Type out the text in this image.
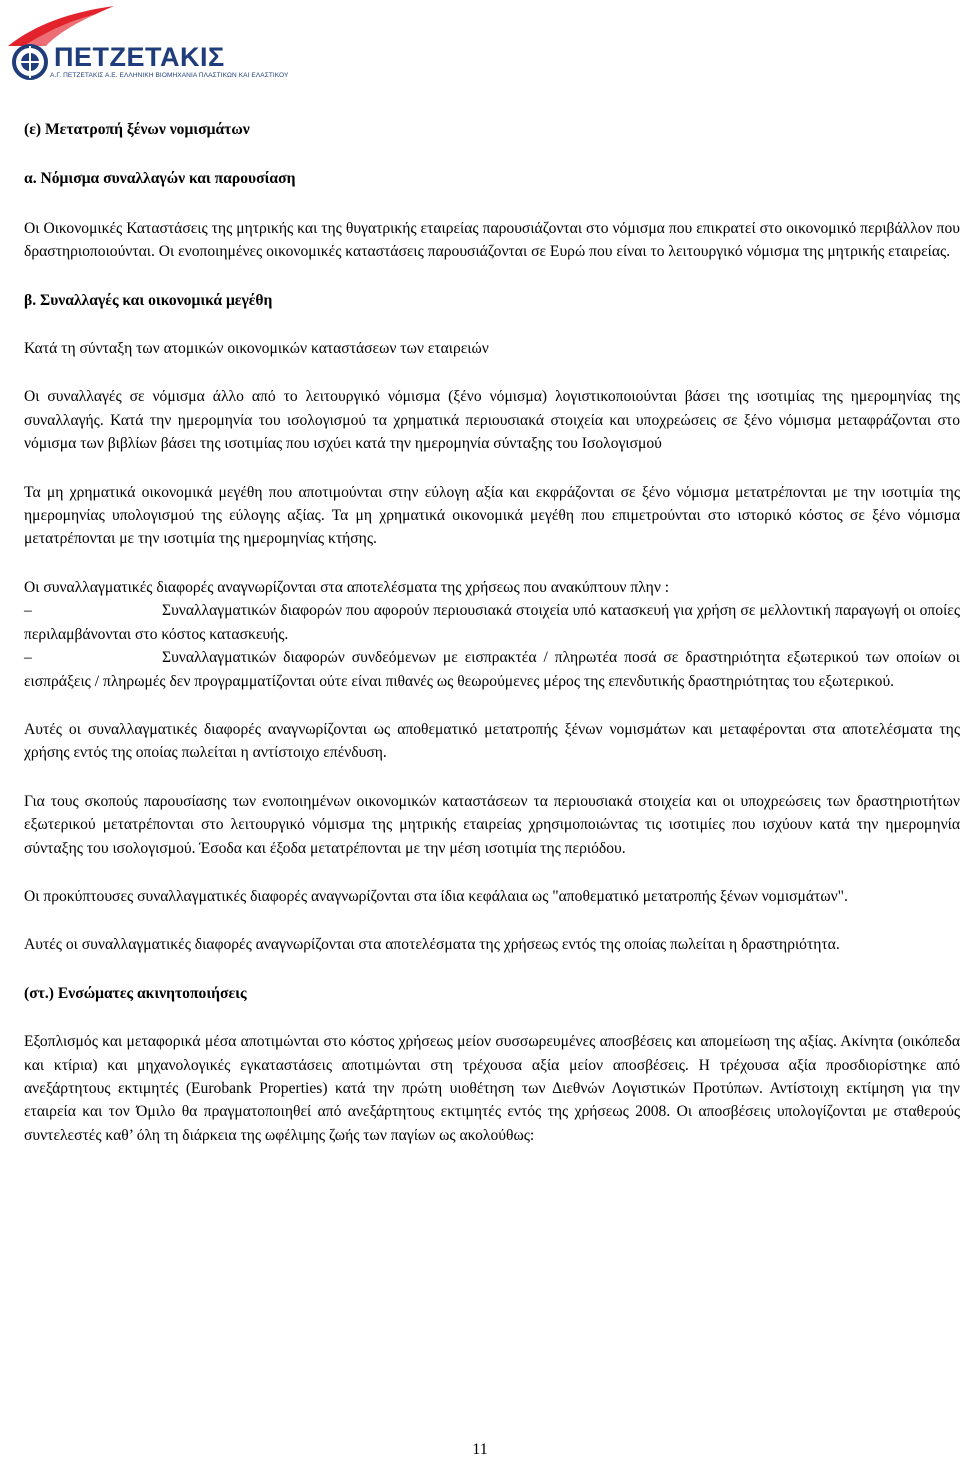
ΠΕΤΖΕΤΑΚΙΣ
Α.Γ. ΠΕΤΖΕΤΑΚΙΣ Α.Ε. ΕΛΛΗΝΙΚΗ ΒΙΟΜΗΧΑΝΙΑ ΠΛΑΣΤΙΚΩΝ ΚΑΙ ΕΛΑΣΤΙΚΟΥ
(ε) Μετατροπή ξένων νομισμάτων
α. Νόμισμα συναλλαγών και παρουσίαση

Οι Οικονομικές Καταστάσεις της μητρικής και της θυγατρικής εταιρείας παρουσιάζονται στο νόμισμα που επικρατεί στο οικονομικό περιβάλλον που δραστηριοποιούνται. Οι ενοποιημένες οικονομικές καταστάσεις παρουσιάζονται σε Ευρώ που είναι το λειτουργικό νόμισμα της μητρικής εταιρείας.

β. Συναλλαγές και οικονομικά μεγέθη

Κατά τη σύνταξη των ατομικών οικονομικών καταστάσεων των εταιρειών

Οι συναλλαγές σε νόμισμα άλλο από το λειτουργικό νόμισμα (ξένο νόμισμα) λογιστικοποιούνται βάσει της ισοτιμίας της ημερομηνίας της συναλλαγής. Κατά την ημερομηνία του ισολογισμού τα χρηματικά περιουσιακά στοιχεία και υποχρεώσεις σε ξένο νόμισμα μεταφράζονται στο νόμισμα των βιβλίων βάσει της ισοτιμίας που ισχύει κατά την ημερομηνία σύνταξης του Ισολογισμού

Τα μη χρηματικά οικονομικά μεγέθη που αποτιμούνται στην εύλογη αξία και εκφράζονται σε ξένο νόμισμα μετατρέπονται με την ισοτιμία της ημερομηνίας υπολογισμού της εύλογης αξίας. Τα μη χρηματικά οικονομικά μεγέθη που επιμετρούνται στο ιστορικό κόστος σε ξένο νόμισμα μετατρέπονται με την ισοτιμία της ημερομηνίας κτήσης.

Οι συναλλαγματικές διαφορές αναγνωρίζονται στα αποτελέσματα της χρήσεως που ανακύπτουν πλην :

–	Συναλλαγματικών διαφορών που αφορούν περιουσιακά στοιχεία υπό κατασκευή για χρήση σε μελλοντική παραγωγή οι οποίες περιλαμβάνονται στο κόστος κατασκευής.

–	Συναλλαγματικών διαφορών συνδεόμενων με εισπρακτέα / πληρωτέα ποσά σε δραστηριότητα εξωτερικού των οποίων οι εισπράξεις / πληρωμές δεν προγραμματίζονται ούτε είναι πιθανές ως θεωρούμενες μέρος της επενδυτικής δραστηριότητας του εξωτερικού.

Αυτές οι συναλλαγματικές διαφορές αναγνωρίζονται ως αποθεματικό μετατροπής ξένων νομισμάτων και μεταφέρονται στα αποτελέσματα της χρήσης εντός της οποίας πωλείται η αντίστοιχο επένδυση.

Για τους σκοπούς παρουσίασης των ενοποιημένων οικονομικών καταστάσεων τα περιουσιακά στοιχεία και οι υποχρεώσεις των δραστηριοτήτων εξωτερικού μετατρέπονται στο λειτουργικό νόμισμα της μητρικής εταιρείας χρησιμοποιώντας τις ισοτιμίες που ισχύουν κατά την ημερομηνία σύνταξης του ισολογισμού. Έσοδα και έξοδα μετατρέπονται με την μέση ισοτιμία της περιόδου.

Οι προκύπτουσες συναλλαγματικές διαφορές αναγνωρίζονται στα ίδια κεφάλαια ως "αποθεματικό μετατροπής ξένων νομισμάτων".

Αυτές οι συναλλαγματικές διαφορές αναγνωρίζονται στα αποτελέσματα της χρήσεως εντός της οποίας πωλείται η δραστηριότητα.

(στ.) Ενσώματες ακινητοποιήσεις

Εξοπλισμός και μεταφορικά μέσα αποτιμώνται στο κόστος χρήσεως μείον συσσωρευμένες αποσβέσεις και απομείωση της αξίας. Ακίνητα (οικόπεδα και κτίρια) και μηχανολογικές εγκαταστάσεις αποτιμώνται στη τρέχουσα αξία μείον αποσβέσεις. Η τρέχουσα αξία προσδιορίστηκε από ανεξάρτητους εκτιμητές (Eurobank Properties) κατά την πρώτη υιοθέτηση των Διεθνών Λογιστικών Προτύπων. Αντίστοιχη εκτίμηση για την εταιρεία και τον Όμιλο θα πραγματοποιηθεί από ανεξάρτητους εκτιμητές εντός της χρήσεως 2008. Οι αποσβέσεις υπολογίζονται με σταθερούς συντελεστές καθ’ όλη τη διάρκεια της ωφέλιμης ζωής των παγίων ως ακολούθως:

11
